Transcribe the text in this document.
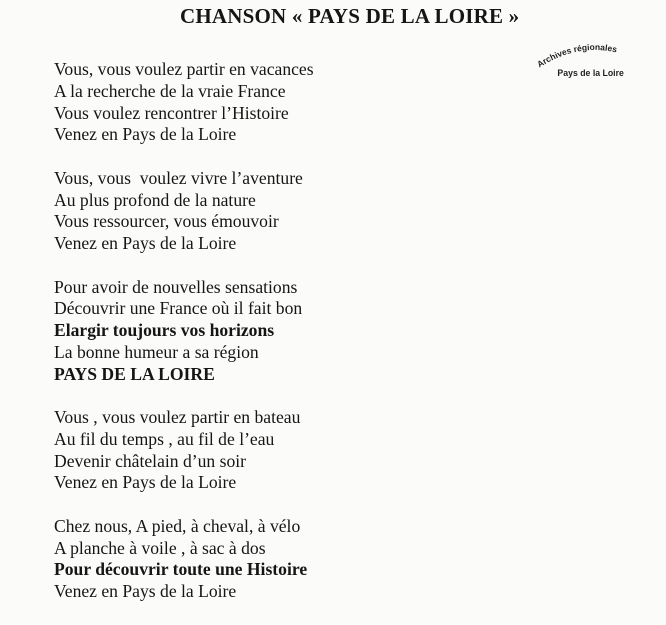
CHANSON « PAYS DE LA LOIRE »
Archives régionales
Pays de la Loire
Vous, vous voulez partir en vacances
A la recherche de la vraie France
Vous voulez rencontrer l’Histoire
Venez en Pays de la Loire
Vous, vous  voulez vivre l’aventure
Au plus profond de la nature
Vous ressourcer, vous émouvoir
Venez en Pays de la Loire
Pour avoir de nouvelles sensations
Découvrir une France où il fait bon
Elargir toujours vos horizons
La bonne humeur a sa région
PAYS DE LA LOIRE
Vous , vous voulez partir en bateau
Au fil du temps , au fil de l’eau
Devenir châtelain d’un soir
Venez en Pays de la Loire
Chez nous, A pied, à cheval, à vélo
A planche à voile , à sac à dos
Pour découvrir toute une Histoire
Venez en Pays de la Loire
